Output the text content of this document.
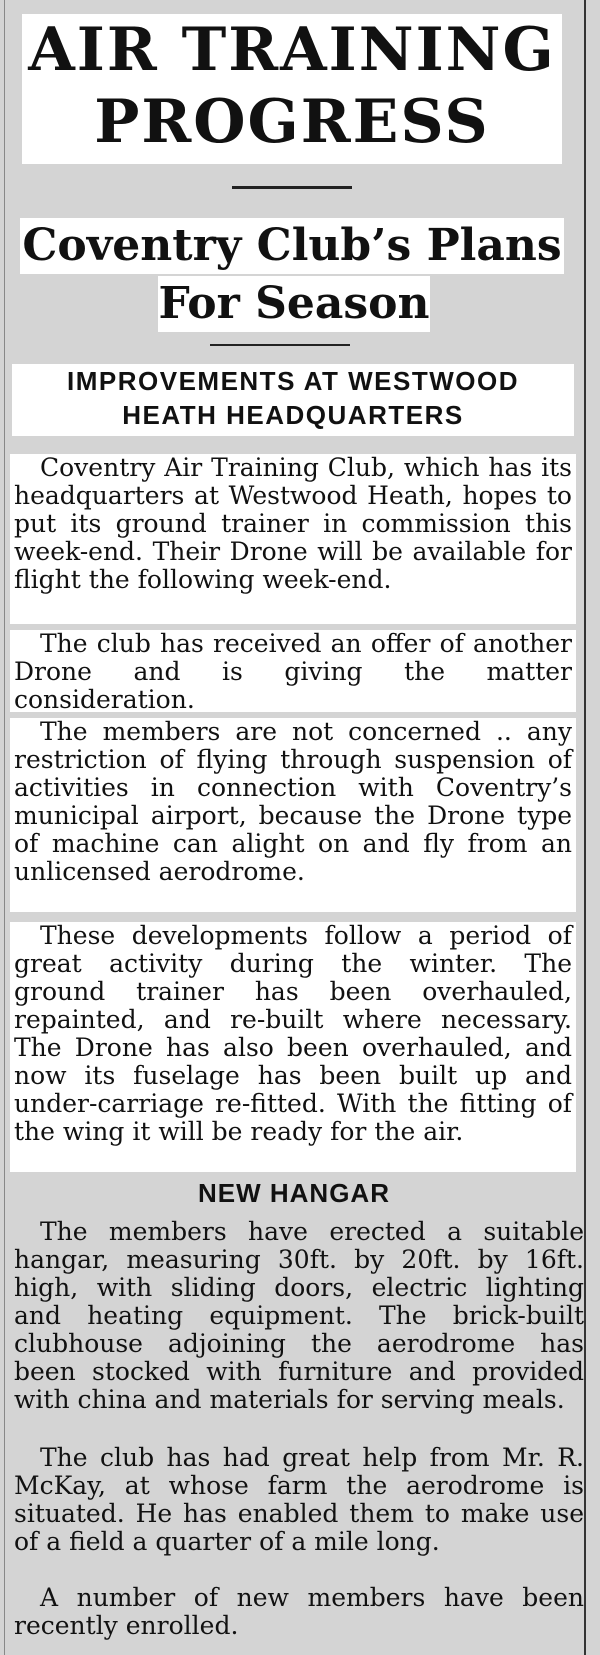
AIR TRAINING
PROGRESS
Coventry Club’s Plans
For Season
IMPROVEMENTS AT WESTWOOD
HEATH HEADQUARTERS
Coventry Air Training Club, which has its headquarters at Westwood Heath, hopes to put its ground trainer in commission this week-end. Their Drone will be available for flight the following week-end.
The club has received an offer of another Drone and is giving the matter consideration.
The members are not concerned .. any restriction of flying through suspension of activities in connection with Coventry’s municipal airport, because the Drone type of machine can alight on and fly from an unlicensed aerodrome.
These developments follow a period of great activity during the winter. The ground trainer has been overhauled, repainted, and re-built where necessary. The Drone has also been overhauled, and now its fuselage has been built up and under-carriage re-fitted. With the fitting of the wing it will be ready for the air.
NEW HANGAR
The members have erected a suitable hangar, measuring 30ft. by 20ft. by 16ft. high, with sliding doors, electric lighting and heating equipment. The brick-built clubhouse adjoining the aerodrome has been stocked with furniture and provided with china and materials for serving meals.
The club has had great help from Mr. R. McKay, at whose farm the aerodrome is situated. He has enabled them to make use of a field a quarter of a mile long.
A number of new members have been recently enrolled.
